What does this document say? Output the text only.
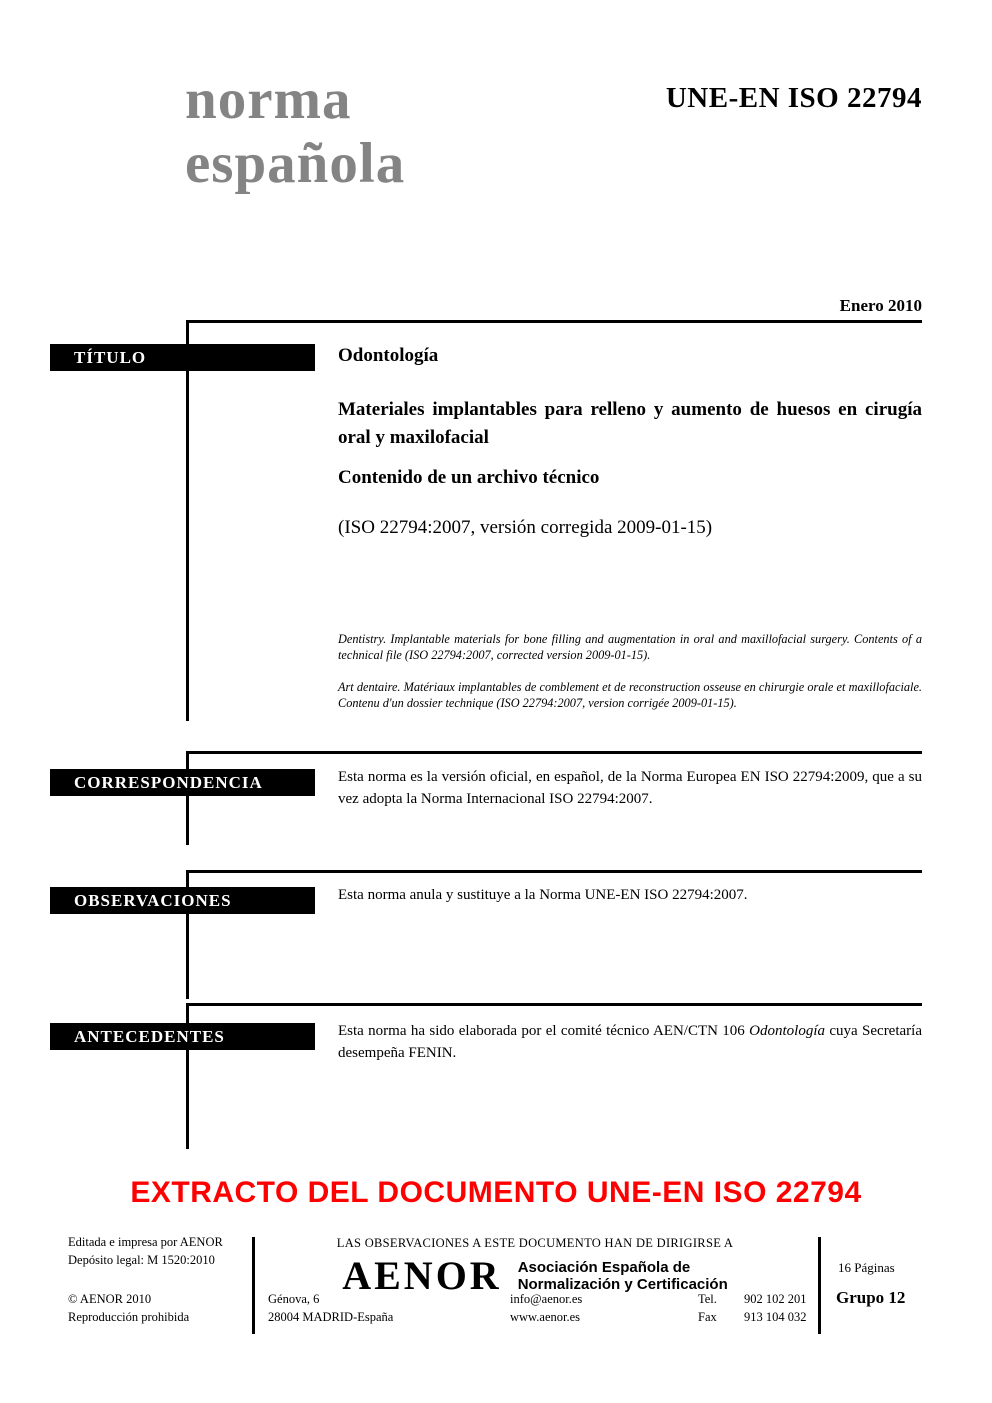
norma
española
UNE-EN ISO 22794
Enero 2010
TÍTULO	Odontología
Materiales implantables para relleno y aumento de huesos en cirugía oral y maxilofacial
Contenido de un archivo técnico
(ISO 22794:2007, versión corregida 2009-01-15)
Dentistry. Implantable materials for bone filling and augmentation in oral and maxillofacial surgery. Contents of a technical file (ISO 22794:2007, corrected version 2009-01-15).
Art dentaire. Matériaux implantables de comblement et de reconstruction osseuse en chirurgie orale et maxillofaciale. Contenu d'un dossier technique (ISO 22794:2007, version corrigée 2009-01-15).
CORRESPONDENCIA	Esta norma es la versión oficial, en español, de la Norma Europea EN ISO 22794:2009, que a su vez adopta la Norma Internacional ISO 22794:2007.
OBSERVACIONES	Esta norma anula y sustituye a la Norma UNE-EN ISO 22794:2007.
ANTECEDENTES	Esta norma ha sido elaborada por el comité técnico AEN/CTN 106 Odontología cuya Secretaría desempeña FENIN.
EXTRACTO DEL DOCUMENTO UNE-EN ISO 22794
Editada e impresa por AENOR
Depósito legal: M 1520:2010
© AENOR 2010
Reproducción prohibida
LAS OBSERVACIONES A ESTE DOCUMENTO HAN DE DIRIGIRSE A
AENOR Asociación Española de
Normalización y Certificación
Génova, 6
28004 MADRID-España
info@aenor.es
www.aenor.es
Tel.	902 102 201
Fax	913 104 032
16 Páginas
Grupo 12
